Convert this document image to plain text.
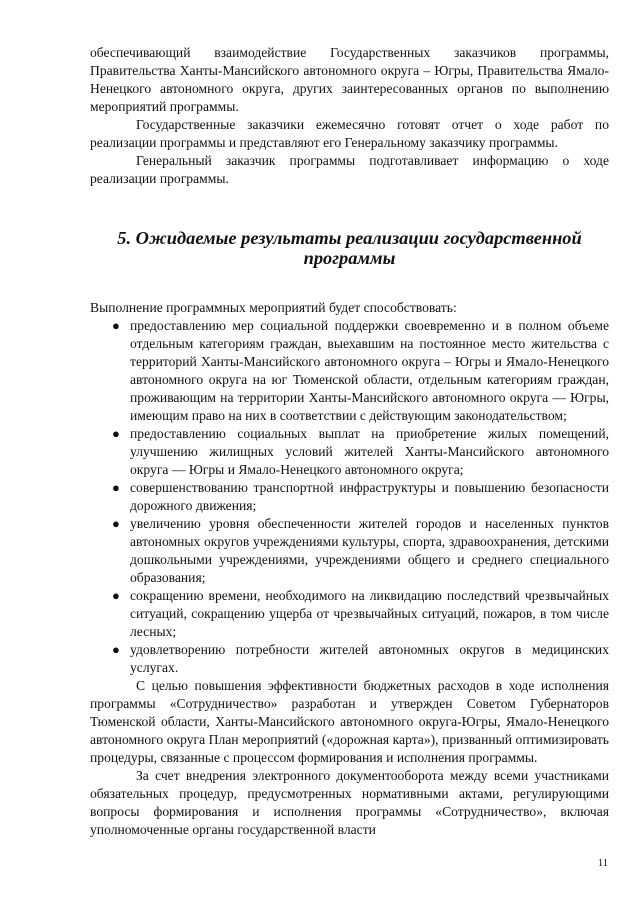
обеспечивающий взаимодействие Государственных заказчиков программы, Правительства Ханты-Мансийского автономного округа – Югры, Правительства Ямало-Ненецкого автономного округа, других заинтересованных органов по выполнению мероприятий программы.

Государственные заказчики ежемесячно готовят отчет о ходе работ по реализации программы и представляют его Генеральному заказчику программы.

Генеральный заказчик программы подготавливает информацию о ходе реализации программы.

5. Ожидаемые результаты реализации государственной программы

Выполнение программных мероприятий будет способствовать:

● предоставлению мер социальной поддержки своевременно и в полном объеме отдельным категориям граждан, выехавшим на постоянное место жительства с территорий Ханты-Мансийского автономного округа – Югры и Ямало-Ненецкого автономного округа на юг Тюменской области, отдельным категориям граждан, проживающим на территории Ханты-Мансийского автономного округа — Югры, имеющим право на них в соответствии с действующим законодательством;
● предоставлению социальных выплат на приобретение жилых помещений, улучшению жилищных условий жителей Ханты-Мансийского автономного округа — Югры и Ямало-Ненецкого автономного округа;
● совершенствованию транспортной инфраструктуры и повышению безопасности дорожного движения;
● увеличению уровня обеспеченности жителей городов и населенных пунктов автономных округов учреждениями культуры, спорта, здравоохранения, детскими дошкольными учреждениями, учреждениями общего и среднего специального образования;
● сокращению времени, необходимого на ликвидацию последствий чрезвычайных ситуаций, сокращению ущерба от чрезвычайных ситуаций, пожаров, в том числе лесных;
● удовлетворению потребности жителей автономных округов в медицинских услугах.

С целью повышения эффективности бюджетных расходов в ходе исполнения программы «Сотрудничество» разработан и утвержден Советом Губернаторов Тюменской области, Ханты-Мансийского автономного округа-Югры, Ямало-Ненецкого автономного округа План мероприятий («дорожная карта»), призванный оптимизировать процедуры, связанные с процессом формирования и исполнения программы.

За счет внедрения электронного документооборота между всеми участниками обязательных процедур, предусмотренных нормативными актами, регулирующими вопросы формирования и исполнения программы «Сотрудничество», включая уполномоченные органы государственной власти

11
